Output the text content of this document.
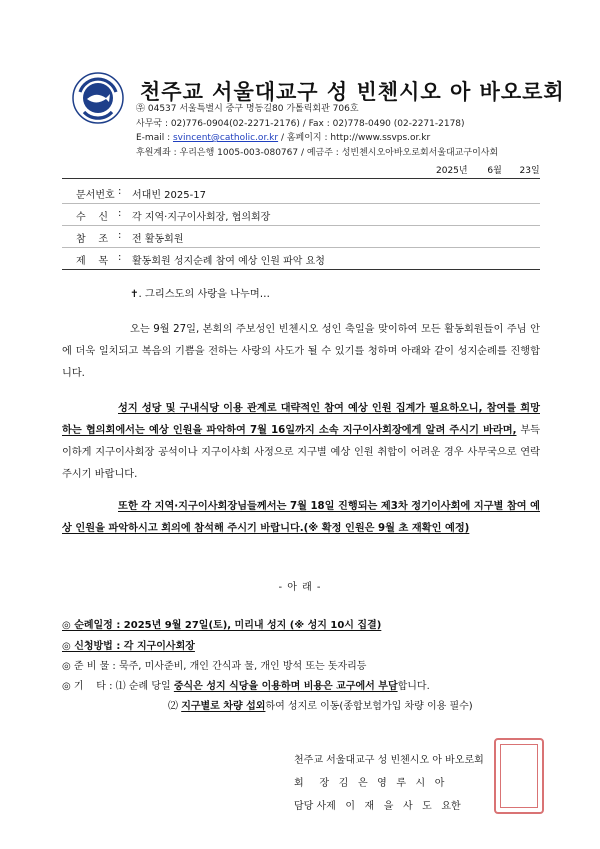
천주교 서울대교구 성 빈첸시오 아 바오로회
㉾ 04537 서울특별시 중구 명동길80 가톨릭회관 706호
사무국 : 02)776-0904(02-2271-2176) / Fax : 02)778-0490 (02-2271-2178)
E-mail : svincent@catholic.or.kr / 홈페이지 : http://www.ssvps.or.kr
후원계좌 : 우리은행 1005-003-080767 / 예금주 : 성빈첸시오아바오로회서울대교구이사회
2025년 6월 23일
문서번호 : 서대빈 2025-17
수    신 : 각 지역·지구이사회장, 협의회장
참    조 : 전 활동회원
제    목 : 활동회원 성지순례 참여 예상 인원 파악 요청
✝. 그리스도의 사랑을 나누며…

오는 9월 27일, 본회의 주보성인 빈첸시오 성인 축일을 맞이하여 모든 활동회원들이 주님 안에 더욱 일치되고 복음의 기쁨을 전하는 사랑의 사도가 될 수 있기를 청하며 아래와 같이 성지순례를 진행합니다.

성지 성당 및 구내식당 이용 관계로 대략적인 참여 예상 인원 집계가 필요하오니, 참여를 희망하는 협의회에서는 예상 인원을 파악하여 7월 16일까지 소속 지구이사회장에게 알려 주시기 바라며, 부득이하게 지구이사회장 공석이나 지구이사회 사정으로 지구별 예상 인원 취합이 어려운 경우 사무국으로 연락 주시기 바랍니다.

또한 각 지역·지구이사회장님들께서는 7월 18일 진행되는 제3차 정기이사회에 지구별 참여 예상 인원을 파악하시고 회의에 참석해 주시기 바랍니다.(※ 확정 인원은 9월 초 재확인 예정)

- 아 래 -
◎ 순례일정 : 2025년 9월 27일(토), 미리내 성지 (※ 성지 10시 집결)
◎ 신청방법 : 각 지구이사회장
◎ 준 비 물 : 묵주, 미사준비, 개인 간식과 물, 개인 방석 또는 돗자리등
◎ 기    타 : ⑴ 순례 당일 중식은 성지 식당을 이용하며 비용은 교구에서 부담합니다.
⑵ 지구별로 차량 섭외하여 성지로 이동(종합보험가입 차량 이용 필수)
천주교 서울대교구 성 빈첸시오 아 바오로회
회     장   김   은   영   루   시   아
담당 사제   이   재   을   사   도   요한
